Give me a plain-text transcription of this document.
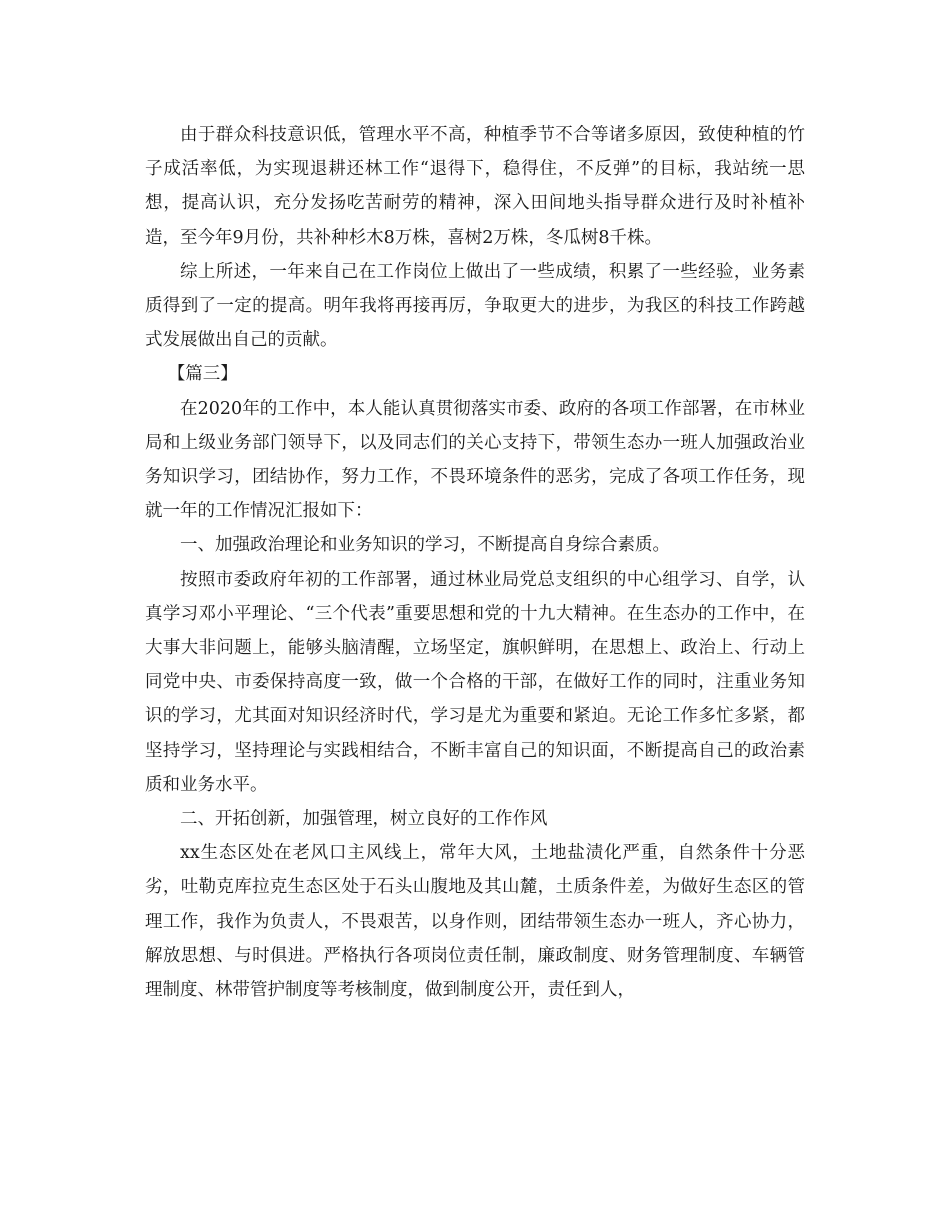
由于群众科技意识低，管理水平不高，种植季节不合等诸多原因，致使种植的竹子成活率低，为实现退耕还林工作“退得下，稳得住，不反弹”的目标，我站统一思想，提高认识，充分发扬吃苦耐劳的精神，深入田间地头指导群众进行及时补植补造，至今年9月份，共补种杉木8万株，喜树2万株，冬瓜树8千株。

综上所述，一年来自己在工作岗位上做出了一些成绩，积累了一些经验，业务素质得到了一定的提高。明年我将再接再厉，争取更大的进步，为我区的科技工作跨越式发展做出自己的贡献。

【篇三】

在2020年的工作中，本人能认真贯彻落实市委、政府的各项工作部署，在市林业局和上级业务部门领导下，以及同志们的关心支持下，带领生态办一班人加强政治业务知识学习，团结协作，努力工作，不畏环境条件的恶劣，完成了各项工作任务，现就一年的工作情况汇报如下：

一、加强政治理论和业务知识的学习，不断提高自身综合素质。

按照市委政府年初的工作部署，通过林业局党总支组织的中心组学习、自学，认真学习邓小平理论、“三个代表”重要思想和党的十九大精神。在生态办的工作中，在大事大非问题上，能够头脑清醒，立场坚定，旗帜鲜明，在思想上、政治上、行动上同党中央、市委保持高度一致，做一个合格的干部，在做好工作的同时，注重业务知识的学习，尤其面对知识经济时代，学习是尤为重要和紧迫。无论工作多忙多紧，都坚持学习，坚持理论与实践相结合，不断丰富自己的知识面，不断提高自己的政治素质和业务水平。

二、开拓创新，加强管理，树立良好的工作作风

xx生态区处在老风口主风线上，常年大风，土地盐渍化严重，自然条件十分恶劣，吐勒克库拉克生态区处于石头山腹地及其山麓，土质条件差，为做好生态区的管理工作，我作为负责人，不畏艰苦，以身作则，团结带领生态办一班人，齐心协力，解放思想、与时俱进。严格执行各项岗位责任制，廉政制度、财务管理制度、车辆管理制度、林带管护制度等考核制度，做到制度公开，责任到人，
